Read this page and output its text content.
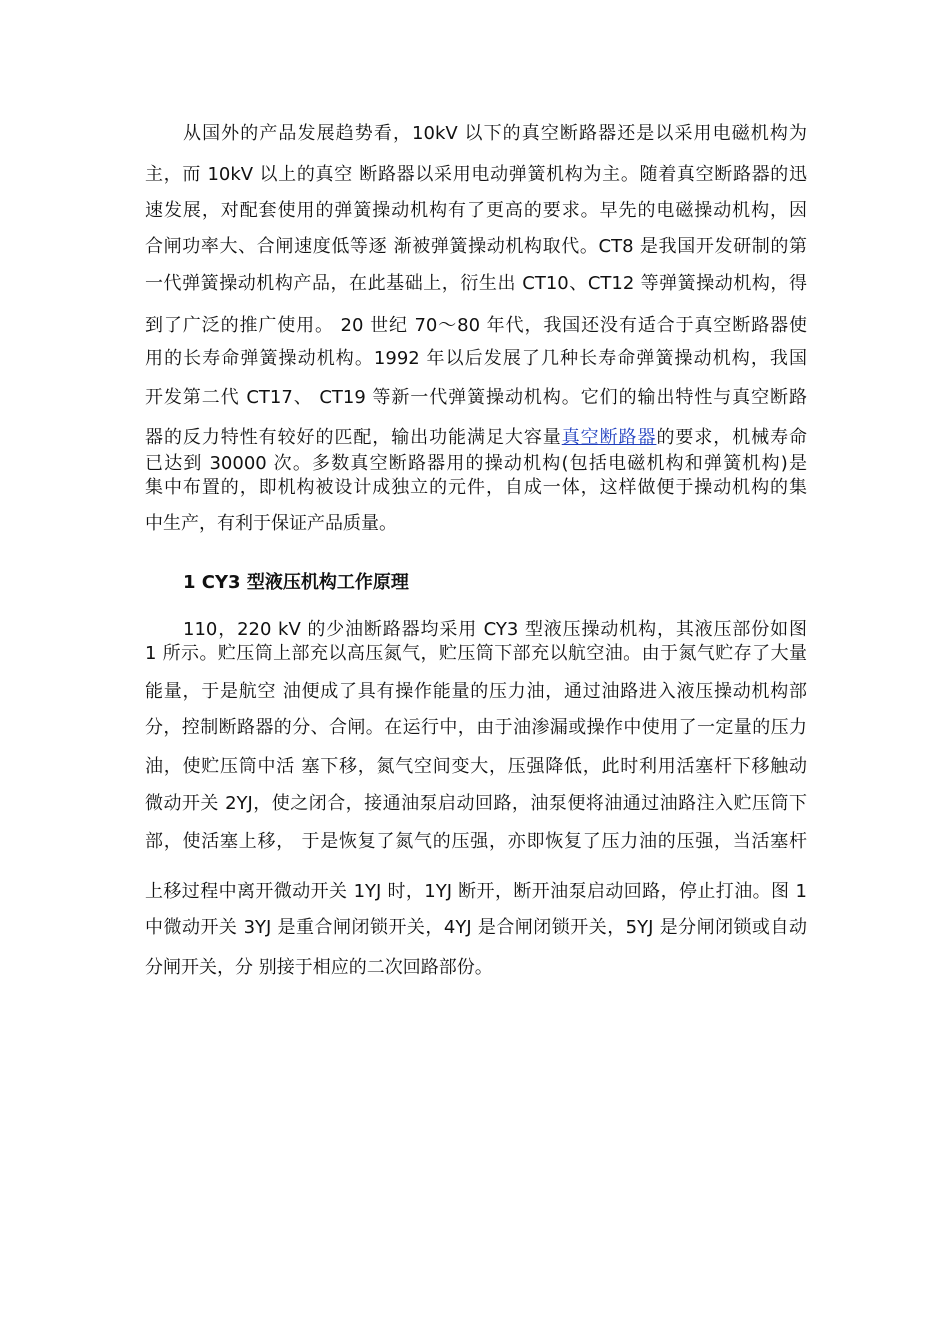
从国外的产品发展趋势看，10kV 以下的真空断路器还是以采用电磁机构为
主，而 10kV 以上的真空 断路器以采用电动弹簧机构为主。随着真空断路器的迅
速发展，对配套使用的弹簧操动机构有了更高的要求。早先的电磁操动机构，因
合闸功率大、合闸速度低等逐 渐被弹簧操动机构取代。CT8 是我国开发研制的第
一代弹簧操动机构产品，在此基础上，衍生出 CT10、CT12 等弹簧操动机构，得
到了广泛的推广使用。 20 世纪 70～80 年代，我国还没有适合于真空断路器使
用的长寿命弹簧操动机构。1992 年以后发展了几种长寿命弹簧操动机构，我国
开发第二代 CT17、 CT19 等新一代弹簧操动机构。它们的输出特性与真空断路
器的反力特性有较好的匹配，输出功能满足大容量真空断路器的要求，机械寿命
已达到 30000 次。多数真空断路器用的操动机构(包括电磁机构和弹簧机构)是
集中布置的，即机构被设计成独立的元件，自成一体，这样做便于操动机构的集
中生产，有利于保证产品质量。
1 CY3 型液压机构工作原理
110，220 kV 的少油断路器均采用 CY3 型液压操动机构，其液压部份如图
1 所示。贮压筒上部充以高压氮气，贮压筒下部充以航空油。由于氮气贮存了大量
能量，于是航空 油便成了具有操作能量的压力油，通过油路进入液压操动机构部
分，控制断路器的分、合闸。在运行中，由于油渗漏或操作中使用了一定量的压力
油，使贮压筒中活 塞下移，氮气空间变大，压强降低，此时利用活塞杆下移触动
微动开关 2YJ，使之闭合，接通油泵启动回路，油泵便将油通过油路注入贮压筒下
部，使活塞上移， 于是恢复了氮气的压强，亦即恢复了压力油的压强，当活塞杆
上移过程中离开微动开关 1YJ 时，1YJ 断开，断开油泵启动回路，停止打油。图 1
中微动开关 3YJ 是重合闸闭锁开关，4YJ 是合闸闭锁开关，5YJ 是分闸闭锁或自动
分闸开关，分 别接于相应的二次回路部份。
